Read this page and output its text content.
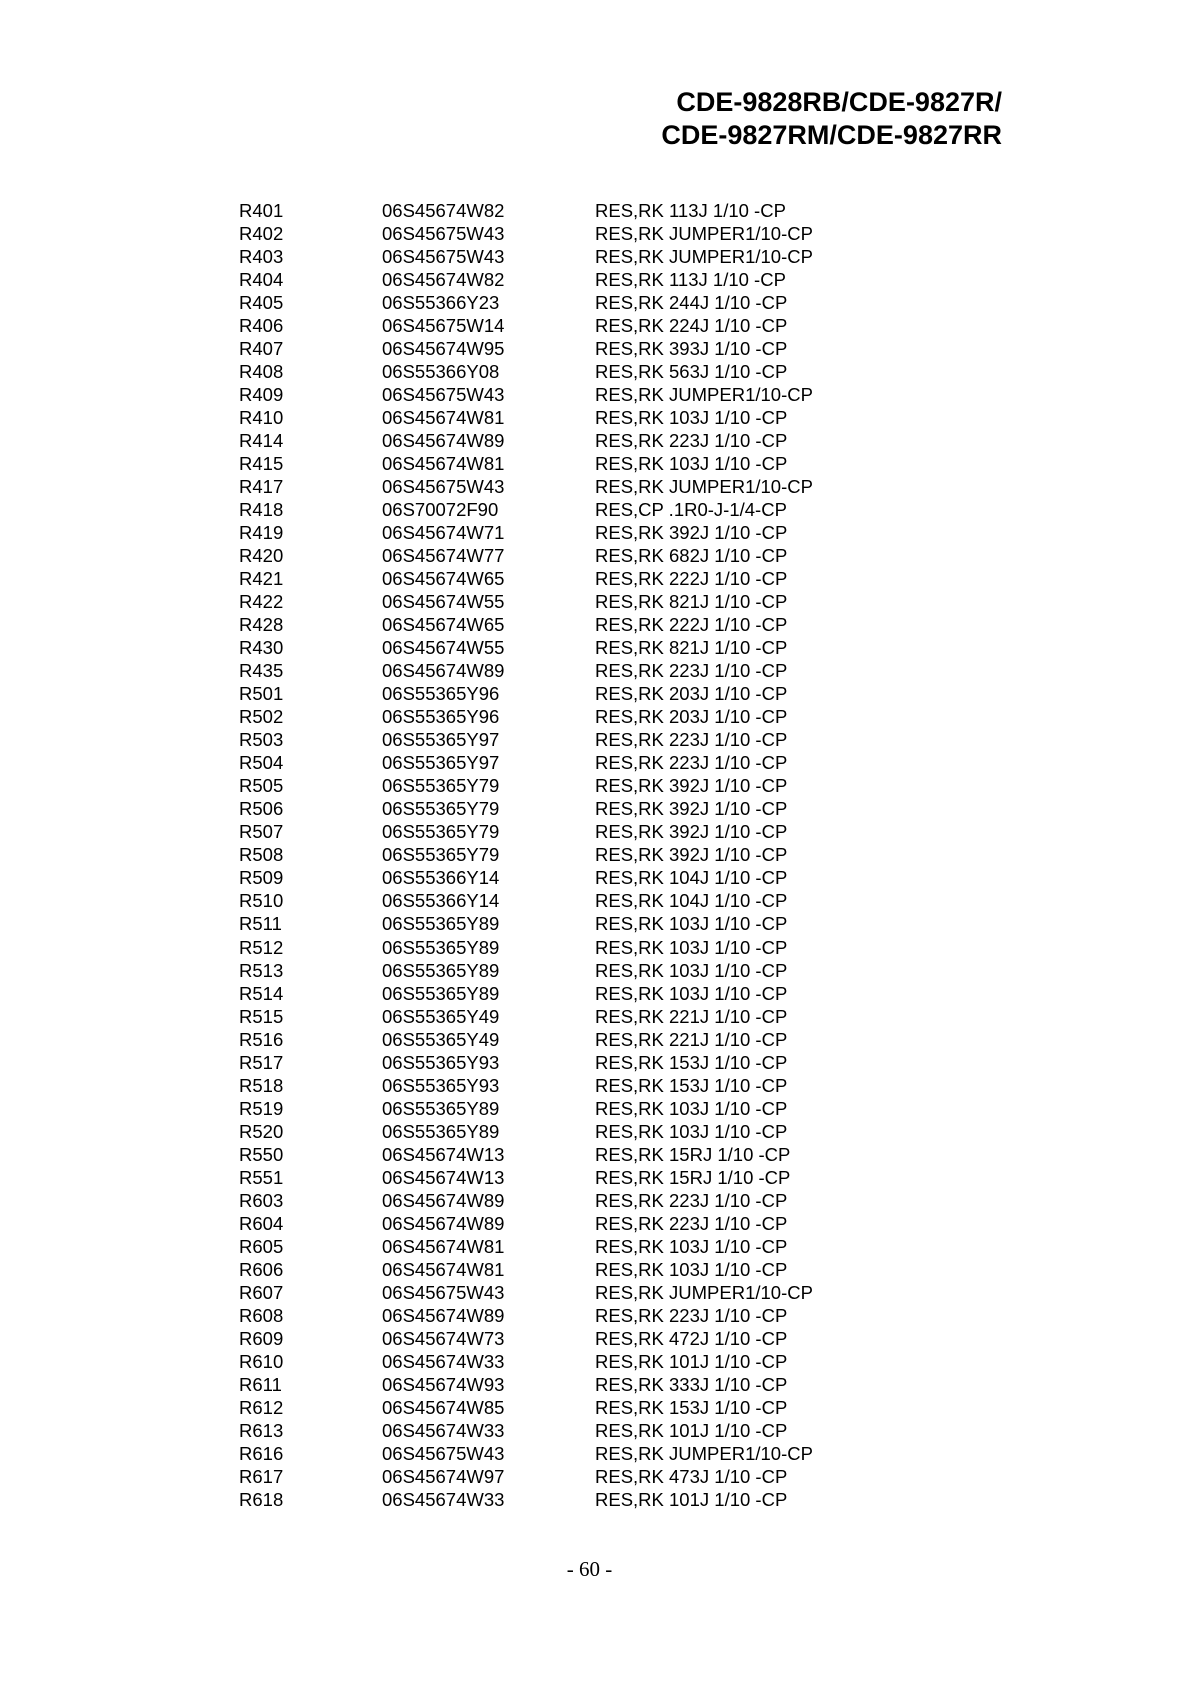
CDE-9828RB/CDE-9827R/
CDE-9827RM/CDE-9827RR
R401	06S45674W82	RES,RK 113J 1/10 -CP
R402	06S45675W43	RES,RK JUMPER1/10-CP
R403	06S45675W43	RES,RK JUMPER1/10-CP
R404	06S45674W82	RES,RK 113J 1/10 -CP
R405	06S55366Y23	RES,RK 244J 1/10 -CP
R406	06S45675W14	RES,RK 224J 1/10 -CP
R407	06S45674W95	RES,RK 393J 1/10 -CP
R408	06S55366Y08	RES,RK 563J 1/10 -CP
R409	06S45675W43	RES,RK JUMPER1/10-CP
R410	06S45674W81	RES,RK 103J 1/10 -CP
R414	06S45674W89	RES,RK 223J 1/10 -CP
R415	06S45674W81	RES,RK 103J 1/10 -CP
R417	06S45675W43	RES,RK JUMPER1/10-CP
R418	06S70072F90	RES,CP .1R0-J-1/4-CP
R419	06S45674W71	RES,RK 392J 1/10 -CP
R420	06S45674W77	RES,RK 682J 1/10 -CP
R421	06S45674W65	RES,RK 222J 1/10 -CP
R422	06S45674W55	RES,RK 821J 1/10 -CP
R428	06S45674W65	RES,RK 222J 1/10 -CP
R430	06S45674W55	RES,RK 821J 1/10 -CP
R435	06S45674W89	RES,RK 223J 1/10 -CP
R501	06S55365Y96	RES,RK 203J 1/10 -CP
R502	06S55365Y96	RES,RK 203J 1/10 -CP
R503	06S55365Y97	RES,RK 223J 1/10 -CP
R504	06S55365Y97	RES,RK 223J 1/10 -CP
R505	06S55365Y79	RES,RK 392J 1/10 -CP
R506	06S55365Y79	RES,RK 392J 1/10 -CP
R507	06S55365Y79	RES,RK 392J 1/10 -CP
R508	06S55365Y79	RES,RK 392J 1/10 -CP
R509	06S55366Y14	RES,RK 104J 1/10 -CP
R510	06S55366Y14	RES,RK 104J 1/10 -CP
R511	06S55365Y89	RES,RK 103J 1/10 -CP
R512	06S55365Y89	RES,RK 103J 1/10 -CP
R513	06S55365Y89	RES,RK 103J 1/10 -CP
R514	06S55365Y89	RES,RK 103J 1/10 -CP
R515	06S55365Y49	RES,RK 221J 1/10 -CP
R516	06S55365Y49	RES,RK 221J 1/10 -CP
R517	06S55365Y93	RES,RK 153J 1/10 -CP
R518	06S55365Y93	RES,RK 153J 1/10 -CP
R519	06S55365Y89	RES,RK 103J 1/10 -CP
R520	06S55365Y89	RES,RK 103J 1/10 -CP
R550	06S45674W13	RES,RK 15RJ 1/10 -CP
R551	06S45674W13	RES,RK 15RJ 1/10 -CP
R603	06S45674W89	RES,RK 223J 1/10 -CP
R604	06S45674W89	RES,RK 223J 1/10 -CP
R605	06S45674W81	RES,RK 103J 1/10 -CP
R606	06S45674W81	RES,RK 103J 1/10 -CP
R607	06S45675W43	RES,RK JUMPER1/10-CP
R608	06S45674W89	RES,RK 223J 1/10 -CP
R609	06S45674W73	RES,RK 472J 1/10 -CP
R610	06S45674W33	RES,RK 101J 1/10 -CP
R611	06S45674W93	RES,RK 333J 1/10 -CP
R612	06S45674W85	RES,RK 153J 1/10 -CP
R613	06S45674W33	RES,RK 101J 1/10 -CP
R616	06S45675W43	RES,RK JUMPER1/10-CP
R617	06S45674W97	RES,RK 473J 1/10 -CP
R618	06S45674W33	RES,RK 101J 1/10 -CP
- 60 -
